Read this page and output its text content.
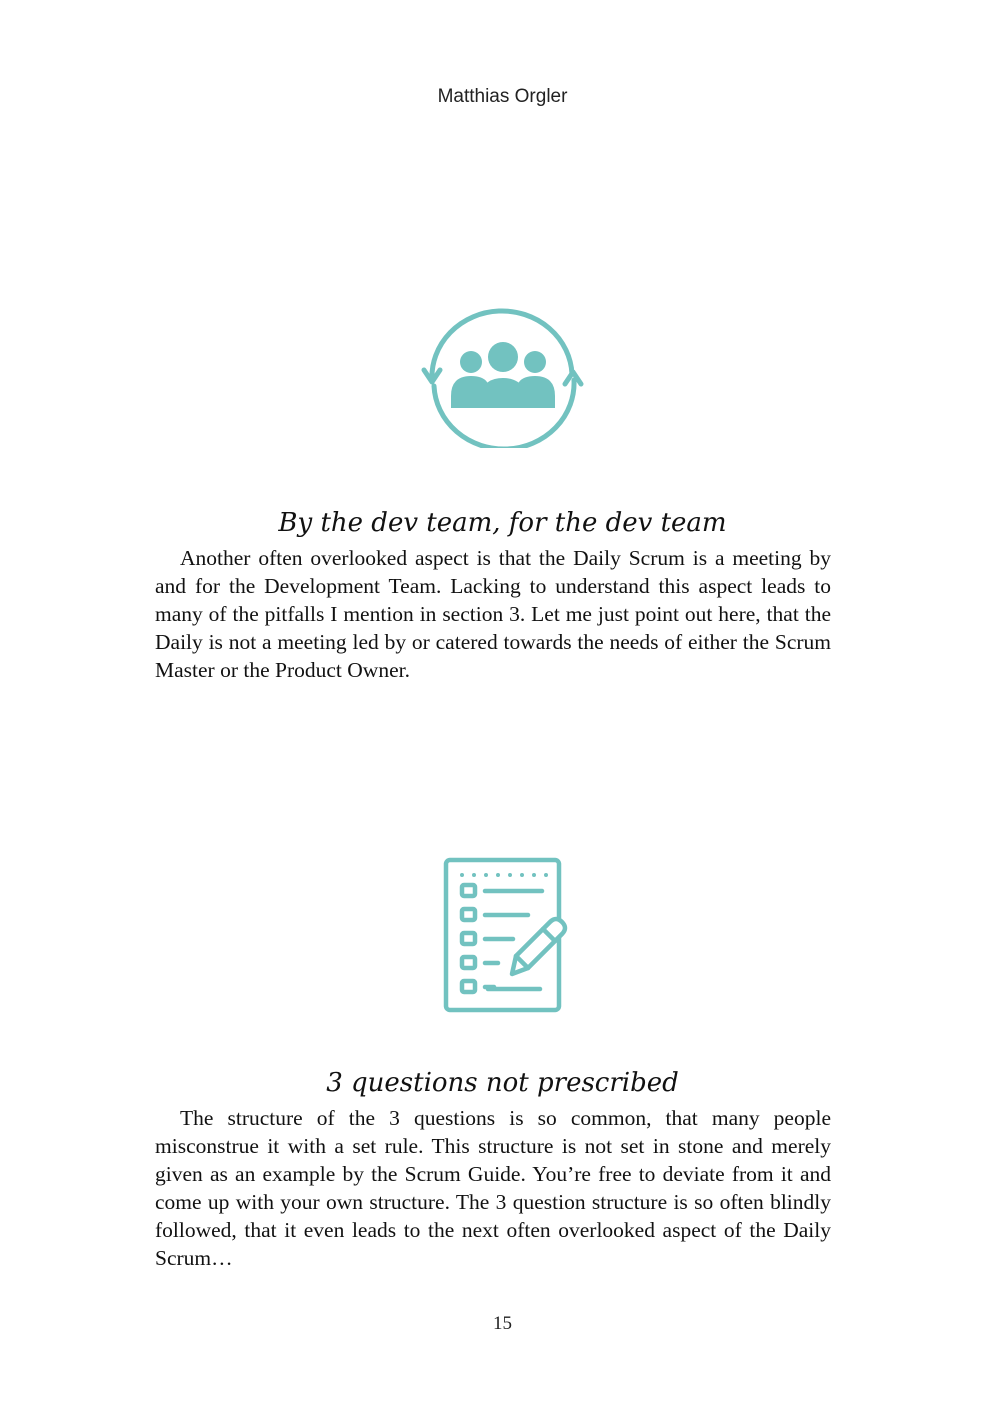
Matthias Orgler
By the dev team, for the dev team

Another often overlooked aspect is that the Daily Scrum is a meeting by and for the Development Team. Lacking to understand this aspect leads to many of the pitfalls I mention in section 3. Let me just point out here, that the Daily is not a meeting led by or catered towards the needs of either the Scrum Master or the Product Owner.

3 questions not prescribed

The structure of the 3 questions is so common, that many people misconstrue it with a set rule. This structure is not set in stone and merely given as an example by the Scrum Guide. You’re free to deviate from it and come up with your own structure. The 3 question structure is so often blindly followed, that it even leads to the next often overlooked aspect of the Daily Scrum…

15
